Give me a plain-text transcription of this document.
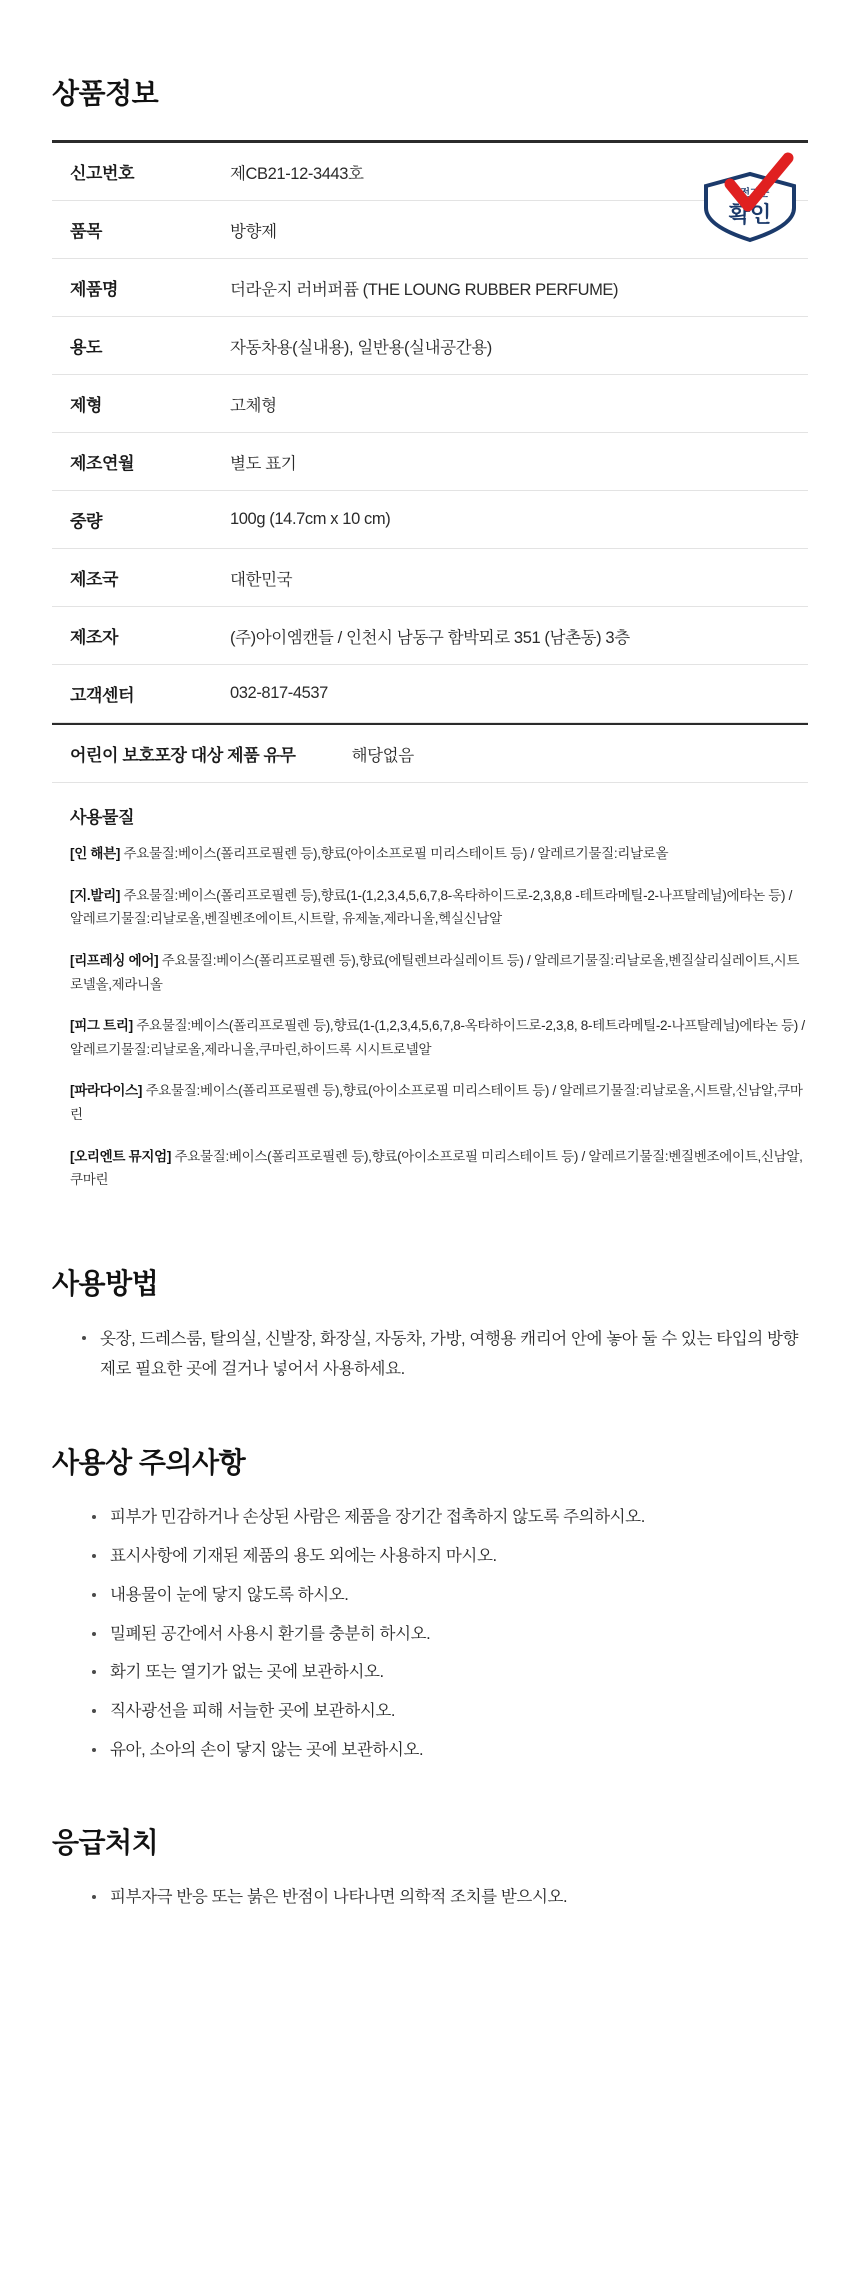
상품정보
안전기준
확인
신고번호	제CB21-12-3443호
품목	방향제
제품명	더라운지 러버퍼퓸 (THE LOUNG RUBBER PERFUME)
용도	자동차용(실내용), 일반용(실내공간용)
제형	고체형
제조연월	별도 표기
중량	100g (14.7cm x 10 cm)
제조국	대한민국
제조자	(주)아이엠캔들 / 인천시 남동구 함박뫼로 351 (남촌동) 3층
고객센터	032-817-4537
어린이 보호포장 대상 제품 유무	해당없음
사용물질

[인 해븐] 주요물질:베이스(폴리프로필렌 등),향료(아이소프로필 미리스테이트 등) / 알레르기물질:리날로올

[지.발리] 주요물질:베이스(폴리프로필렌 등),향료(1-(1,2,3,4,5,6,7,8-옥타하이드로-2,3,8,8 -테트라메틸-2-나프탈레닐)에타논 등) / 알레르기물질:리날로올,벤질벤조에이트,시트랄, 유제놀,제라니올,헥실신남알

[리프레싱 에어] 주요물질:베이스(폴리프로필렌 등),향료(에틸렌브라실레이트 등) / 알레르기물질:리날로올,벤질살리실레이트,시트로넬올,제라니올

[피그 트리] 주요물질:베이스(폴리프로필렌 등),향료(1-(1,2,3,4,5,6,7,8-옥타하이드로-2,3,8, 8-테트라메틸-2-나프탈레닐)에타논 등) / 알레르기물질:리날로올,제라니올,쿠마린,하이드록 시시트로넬알

[파라다이스] 주요물질:베이스(폴리프로필렌 등),향료(아이소프로필 미리스테이트 등) / 알레르기물질:리날로올,시트랄,신남알,쿠마린

[오리엔트 뮤지엄] 주요물질:베이스(폴리프로필렌 등),향료(아이소프로필 미리스테이트 등) / 알레르기물질:벤질벤조에이트,신남알,쿠마린

사용방법
옷장, 드레스룸, 탈의실, 신발장, 화장실, 자동차, 가방, 여행용 캐리어 안에 놓아 둘 수 있는 타입의 방향제로 필요한 곳에 걸거나 넣어서 사용하세요.
사용상 주의사항
피부가 민감하거나 손상된 사람은 제품을 장기간 접촉하지 않도록 주의하시오.
표시사항에 기재된 제품의 용도 외에는 사용하지 마시오.
내용물이 눈에 닿지 않도록 하시오.
밀폐된 공간에서 사용시 환기를 충분히 하시오.
화기 또는 열기가 없는 곳에 보관하시오.
직사광선을 피해 서늘한 곳에 보관하시오.
유아, 소아의 손이 닿지 않는 곳에 보관하시오.
응급처치
피부자극 반응 또는 붉은 반점이 나타나면 의학적 조치를 받으시오.
